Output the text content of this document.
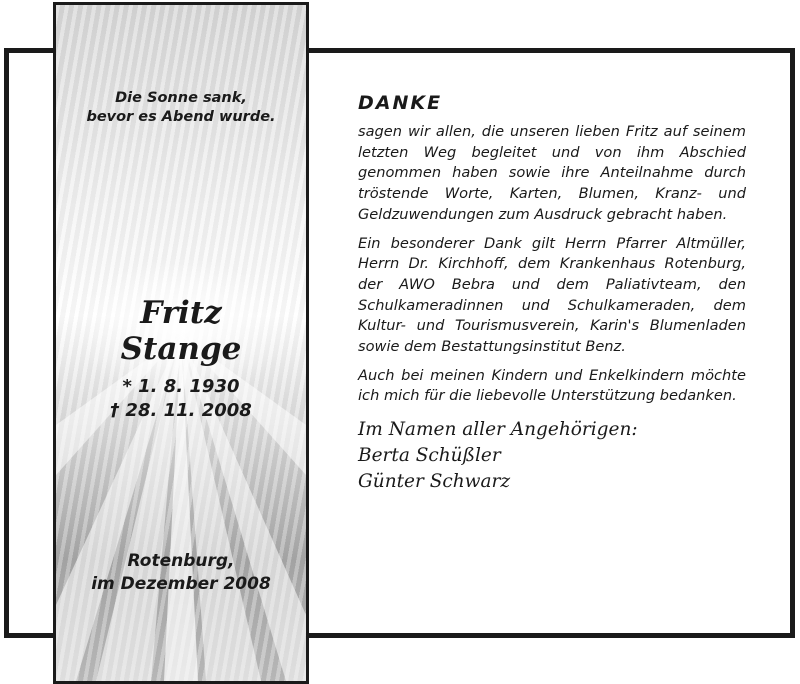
Die Sonne sank,
bevor es Abend wurde.

Fritz
Stange

* 1. 8. 1930
† 28. 11. 2008

Rotenburg,
im Dezember 2008

DANKE

sagen wir allen, die unseren lieben Fritz auf seinem letzten Weg begleitet und von ihm Abschied genommen haben sowie ihre Anteilnahme durch tröstende Worte, Karten, Blumen, Kranz- und Geldzuwendungen zum Ausdruck gebracht haben.

Ein besonderer Dank gilt Herrn Pfarrer Altmüller, Herrn Dr. Kirchhoff, dem Krankenhaus Rotenburg, der AWO Bebra und dem Paliativteam, den Schulkameradinnen und Schulkameraden, dem Kultur- und Tourismusverein, Karin's Blumenladen sowie dem Bestattungsinstitut Benz.

Auch bei meinen Kindern und Enkelkindern möchte ich mich für die liebevolle Unterstützung bedanken.

Im Namen aller Angehörigen:
Berta Schüßler
Günter Schwarz
